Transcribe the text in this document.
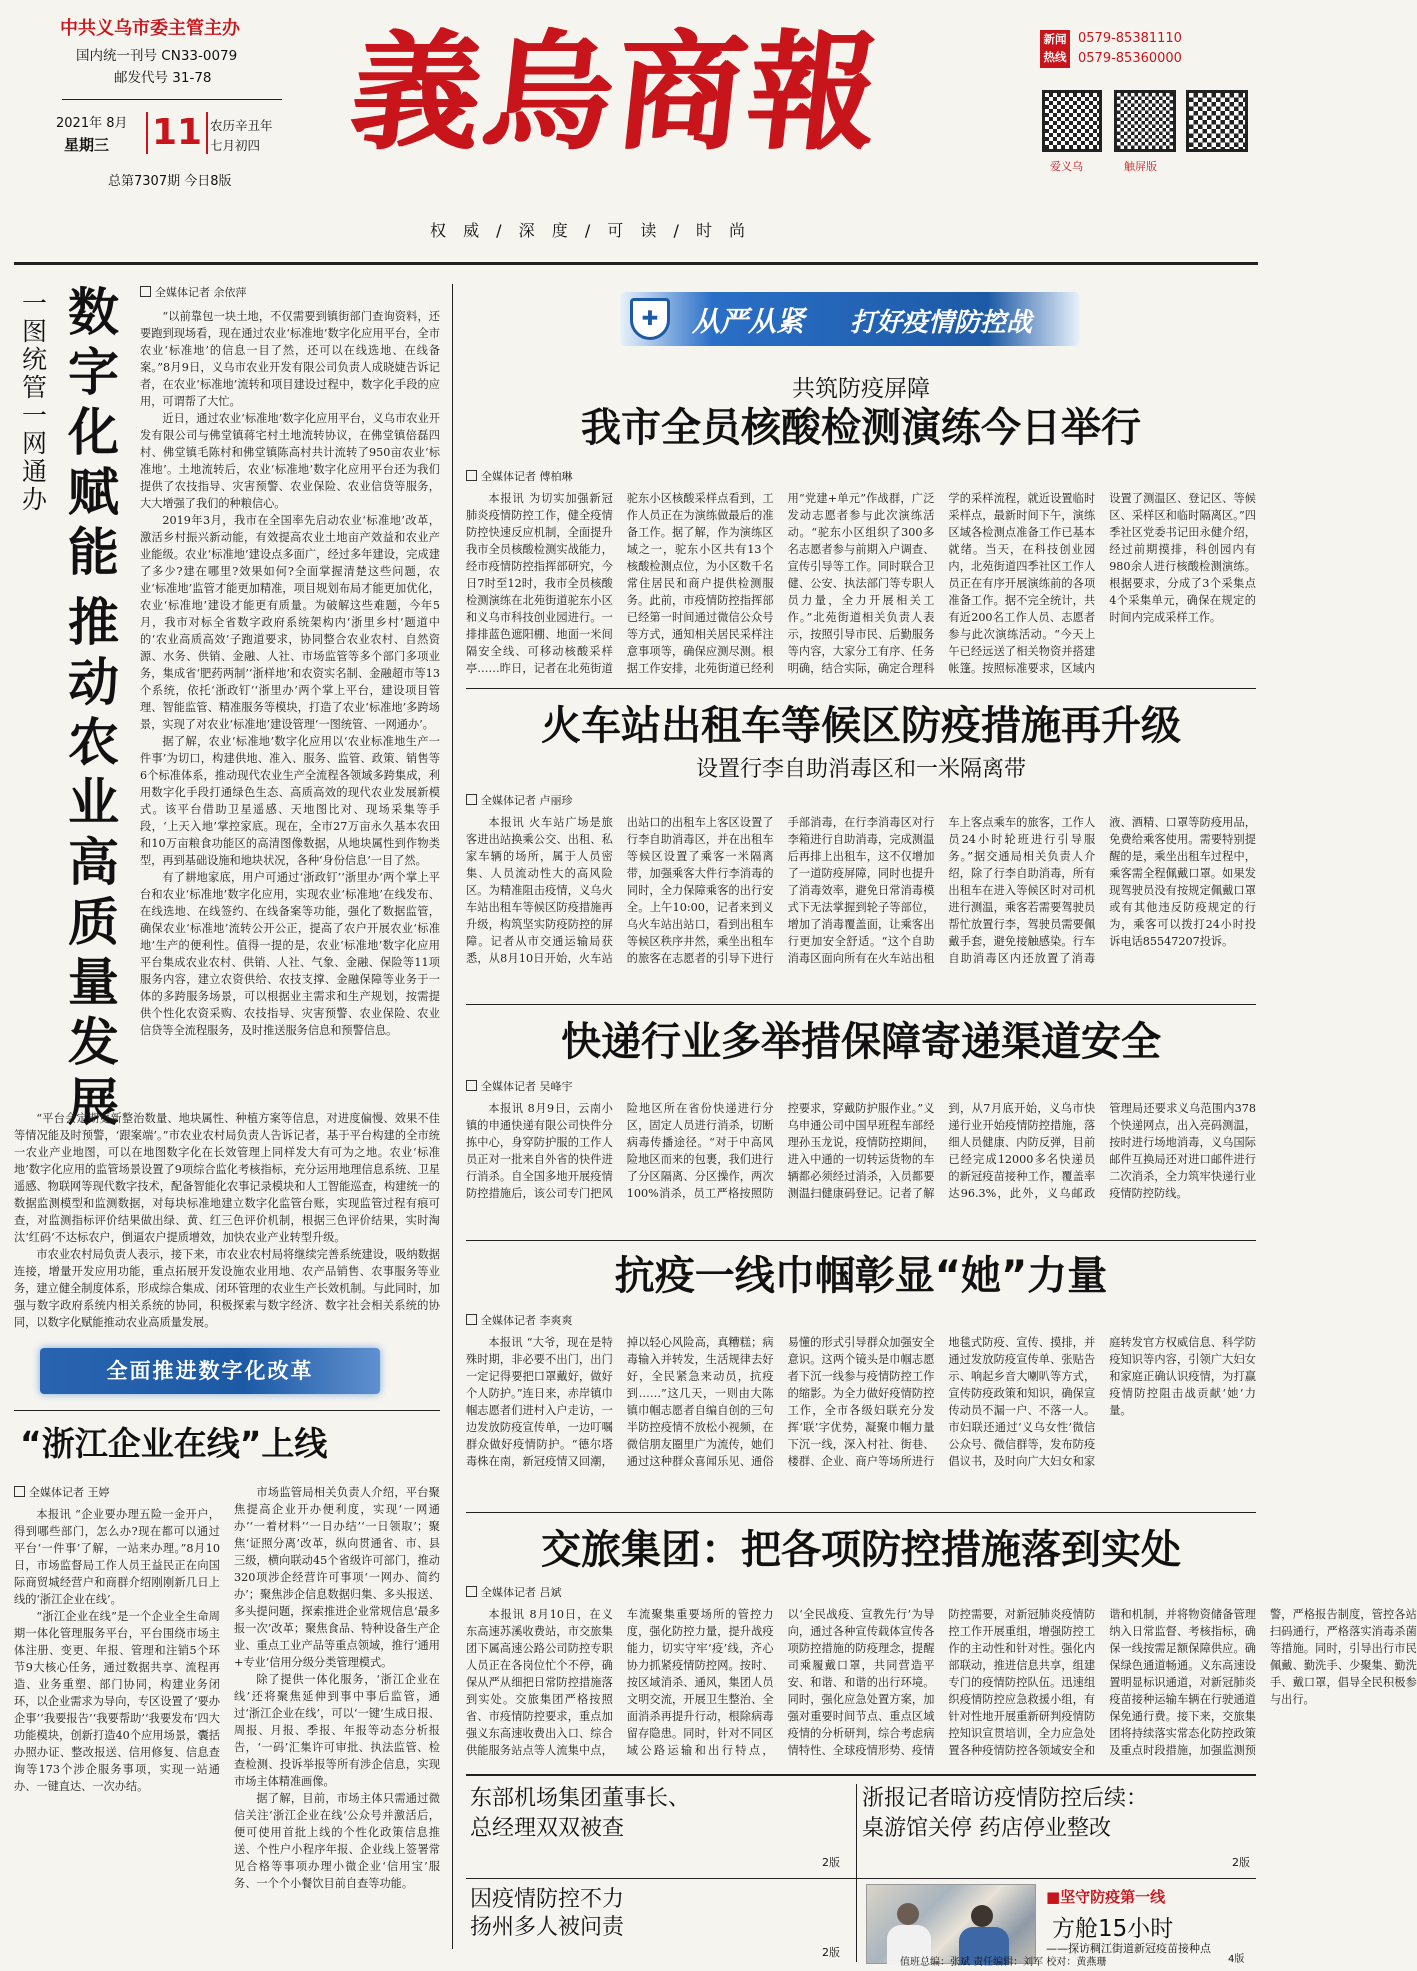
中共义乌市委主管主办
国内统一刊号 CN33-0079
邮发代号 31-78
2021年 8月
星期三 11 农历辛丑年
七月初四
总第7307期 今日8版
義烏商報
权 威 / 深 度 / 可 读 / 时 尚
新闻
热线
0579-85381110
0579-85360000
爱义乌	触屏版
一图统管 一网通办
数字化赋能
推动农业高质量发展
全媒体记者 余依萍
“以前靠包一块土地，不仅需要到镇街部门查询资料，还要跑到现场看，现在通过农业‘标准地’数字化应用平台，全市农业‘标准地’的信息一目了然，还可以在线选地、在线备案。”8月9日，义乌市农业开发有限公司负责人成晓婕告诉记者，在农业‘标准地’流转和项目建设过程中，数字化手段的应用，可谓帮了大忙。
近日，通过农业‘标准地’数字化应用平台，义乌市农业开发有限公司与佛堂镇蒋宅村土地流转协议，在佛堂镇倍磊四村、佛堂镇毛陈村和佛堂镇陈高村共计流转了950亩农业‘标准地’。土地流转后，农业‘标准地’数字化应用平台还为我们提供了农技指导、灾害预警、农业保险、农业信贷等服务，大大增强了我们的种粮信心。
2019年3月，我市在全国率先启动农业‘标准地’改革，激活乡村振兴新动能，有效提高农业土地亩产效益和农业产业能级。农业‘标准地’建设点多面广，经过多年建设，完成建了多少?建在哪里?效果如何?全面掌握清楚这些问题，农业‘标准地’监管才能更加精准，项目规划布局才能更加优化，农业‘标准地’建设才能更有质量。为破解这些难题，今年5月，我市对标全省数字政府系统架构内‘浙里乡村’题道中的‘农业高质高效’子跑道要求，协同整合农业农村、自然资源、水务、供销、金融、人社、市场监管等多个部门多项业务，集成省‘肥药两制’‘浙样地’和农资实名制、金融超市等13个系统，依托‘浙政钉’‘浙里办’两个掌上平台，建设项目管理、智能监管、精准服务等模块，打造了农业‘标准地’多跨场景，实现了对农业‘标准地’建设管理‘一图统管、一网通办’。
据了解，农业‘标准地’数字化应用以‘农业标准地生产一件事’为切口，构建供地、准入、服务、监管、政策、销售等6个标准体系，推动现代农业生产全流程各领域多跨集成，利用数字化手段打通绿色生态、高质高效的现代农业发展新模式。该平台借助卫星遥感、天地图比对、现场采集等手段，‘上天入地’掌控家底。现在，全市27万亩永久基本农田和10万亩粮食功能区的高清图像数据，从地块属性到作物类型，再到基础设施和地块状况，各种‘身份信息’一目了然。
有了耕地家底，用户可通过‘浙政钉’‘浙里办’两个掌上平台和农业‘标准地’数字化应用，实现农业‘标准地’在线发布、在线选地、在线签约、在线备案等功能，强化了数据监管，确保农业‘标准地’流转公开公正，提高了农户开展农业‘标准地’生产的便利性。值得一提的是，农业‘标准地’数字化应用平台集成农业农村、供销、人社、气象、金融、保险等11项服务内容，建立农资供给、农技支撑、金融保障等业务于一体的多跨服务场景，可以根据业主需求和生产规划，按需提供个性化农资采购、农技指导、灾害预警、农业保险、农业信贷等全流程服务，及时推送服务信息和预警信息。
“平台会定期更新整治数量、地块属性、种植方案等信息，对进度偏慢、效果不佳等情况能及时预警，‘跟案端’。”市农业农村局负责人告诉记者，基于平台构建的全市统一农业产业地图，可以在地图数字化在长效管理上同样发大有可为之地。农业‘标准地’数字化应用的监管场景设置了9项综合监化考核指标，充分运用地理信息系统、卫星遥感、物联网等现代数字技术，配备智能化农事记录模块和人工智能巡查，构建统一的数据监测模型和监测数据，对每块标准地建立数字化监管台账，实现监管过程有痕可查，对监测指标评价结果做出绿、黄、红三色评价机制，根据三色评价结果，实时淘汰‘红码’不达标农户，倒逼农户提质增效，加快农业产业转型升级。
市农业农村局负责人表示，接下来，市农业农村局将继续完善系统建设，吸纳数据连接，增量开发应用功能，重点拓展开发设施农业用地、农产品销售、农事服务等业务，建立健全制度体系，形成综合集成、闭环管理的农业生产长效机制。与此同时，加强与数字政府系统内相关系统的协同，积极探索与数字经济、数字社会相关系统的协同，以数字化赋能推动农业高质量发展。
全面推进数字化改革
“浙江企业在线”上线
全媒体记者 王婷
本报讯 “企业要办理五险一金开户，得到哪些部门，怎么办?现在都可以通过平台‘一件事’了解，一站来办理。”8月10日，市场监督局工作人员王益民正在向国际商贸城经营户和商群介绍刚刚新几日上线的‘浙江企业在线’。
“浙江企业在线”是一个企业全生命周期一体化管理服务平台，平台围绕市场主体注册、变更、年报、管理和注销5个环节9大核心任务，通过数据共享、流程再造、业务重塑、部门协同，构建业务闭环，以企业需求为导向，专区设置了‘要办企事’‘我要报告’‘我要帮助’‘我要发布’四大功能模块，创新打造40个应用场景，囊括办照办证、整改报送、信用修复、信息查询等173个涉企服务事项，实现一站通办、一键直达、一次办结。
市场监管局相关负责人介绍，平台聚焦提高企业开办便利度，实现‘一网通办’‘一着材料’‘一日办结’‘一日领取’；聚焦‘证照分离’改革，纵向贯通省、市、县三级，横向联动45个省级许可部门，推动320项涉企经营许可事项‘一网办、简约办’；聚焦涉企信息数据归集、多头报送、多头提问题，探索推进企业常规信息‘最多报一次’改革；聚焦食品、特种设备生产企业、重点工业产品等重点领域，推行‘通用+专业’信用分级分类管理模式。
除了提供一体化服务，‘浙江企业在线’还将聚焦延伸到事中事后监管，通过‘浙江企业在线’，可以‘一键’生成日报、周报、月报、季报、年报等动态分析报告，‘一码’汇集许可审批、执法监管、检查检测、投诉举报等所有涉企信息，实现市场主体精准画像。
据了解，目前，市场主体只需通过微信关注‘浙江企业在线’公众号并激活后，便可使用首批上线的个性化政策信息推送、个性户小程序年报、企业线上签署常见合格等事项办理小微企业‘信用宝’服务、一个个小餐饮目前自查等功能。
✚	从严从紧 打好疫情防控战
共筑防疫屏障
我市全员核酸检测演练今日举行
全媒体记者 傅柏琳
本报讯 为切实加强新冠肺炎疫情防控工作，健全疫情防控快速反应机制，全面提升我市全员核酸检测实战能力，经市疫情防控指挥部研究，今日7时至12时，我市全员核酸检测演练在北苑街道驼东小区和义乌市科技创业园进行。一排排蓝色遮阳棚、地面一米间隔安全线、可移动核酸采样亭……昨日，记者在北苑街道驼东小区核酸采样点看到，工作人员正在为演练做最后的准备工作。据了解，作为演练区域之一，驼东小区共有13个核酸检测点位，为小区数千名常住居民和商户提供检测服务。此前，市疫情防控指挥部已经第一时间通过微信公众号等方式，通知相关居民采样注意事项等，确保应测尽测。根据工作安排，北苑街道已经利用“党建+单元”作战群，广泛发动志愿者参与此次演练活动。“驼东小区组织了300多名志愿者参与前期入户调查、宣传引导等工作。同时联合卫健、公安、执法部门等专职人员力量，全力开展相关工作。”北苑街道相关负责人表示，按照引导市民、后勤服务等内容，大家分工有序、任务明确，结合实际，确定合理科学的采样流程，就近设置临时采样点，最新时间下午，演练区域各检测点准备工作已基本就绪。当天，在科技创业园内，北苑街道四季社区工作人员正在有序开展演练前的各项准备工作。据不完全统计，共有近200名工作人员、志愿者参与此次演练活动。“今天上午已经远送了相关物资并搭建帐篷。按照标准要求，区域内设置了测温区、登记区、等候区、采样区和临时隔离区。”四季社区党委书记田永健介绍，经过前期摸排，科创园内有980余人进行核酸检测演练。根据要求，分成了3个采集点4个采集单元，确保在规定的时间内完成采样工作。
火车站出租车等候区防疫措施再升级
设置行李自助消毒区和一米隔离带
全媒体记者 卢丽珍
本报讯 火车站广场是旅客进出站换乘公交、出租、私家车辆的场所，属于人员密集、人员流动性大的高风险区。为精准阻击疫情，义乌火车站出租车等候区防疫措施再升级，构筑坚实防疫防控的屏障。记者从市交通运输局获悉，从8月10日开始，火车站出站口的出租车上客区设置了行李自助消毒区，并在出租车等候区设置了乘客一米隔离带，加强乘客大件行李消毒的同时，全力保障乘客的出行安全。上午10:00，记者来到义乌火车站出站口，看到出租车等候区秩序井然，乘坐出租车的旅客在志愿者的引导下进行手部消毒，在行李消毒区对行李箱进行自助消毒，完成测温后再排上出租车，这不仅增加了一道防疫屏障，同时也提升了消毒效率，避免日常消毒模式下无法掌握到轮子等部位，增加了消毒覆盖面，让乘客出行更加安全舒适。“这个自助消毒区面向所有在火车站出租车上客点乘车的旅客，工作人员24小时轮班进行引导服务。”据交通局相关负责人介绍，除了行李自助消毒，所有出租车在进入等候区时对司机进行测温，乘客若需要驾驶员帮忙放置行李，驾驶员需要佩戴手套，避免接触感染。行车自助消毒区内还放置了消毒液、酒精、口罩等防疫用品，免费给乘客使用。需要特别提醒的是，乘坐出租车过程中，乘客需全程佩戴口罩。如果发现驾驶员没有按规定佩戴口罩或有其他违反防疫规定的行为，乘客可以拨打24小时投诉电话85547207投诉。
快递行业多举措保障寄递渠道安全
全媒体记者 吴峰宇
本报讯 8月9日，云南小镇的申通快递有限公司快件分拣中心，身穿防护服的工作人员正对一批来自外省的快件进行消杀。自全国多地开展疫情防控措施后，该公司专门把风险地区所在省份快递进行分区，固定人员进行消杀，切断病毒传播途径。“对于中高风险地区而来的包裹，我们进行了分区隔离、分区操作，两次100%消杀，员工严格按照防控要求，穿戴防护服作业。”义乌申通公司中国早班程车部经理孙玉龙说，疫情防控期间，进入中通的一切转运货物的车辆都必须经过消杀，入员都要测温扫健康码登记。记者了解到，从7月底开始，义乌市快递行业开始疫情防控措施，落细人员健康、内防反弹，目前已经完成12000多名快递员的新冠疫苗接种工作，覆盖率达96.3%，此外，义乌邮政管理局还要求义乌范围内378个快递网点，出入亮码测温，按时进行场地消毒，义乌国际邮件互换局还对进口邮件进行二次消杀，全力筑牢快递行业疫情防控防线。
抗疫一线巾帼彰显“她”力量
全媒体记者 李爽爽
本报讯 “大爷，现在是特殊时期，非必要不出门，出门一定记得要把口罩戴好，做好个人防护。”连日来，赤岸镇巾帼志愿者们进村入户走访，一边发放防疫宣传单，一边叮嘱群众做好疫情防护。“德尔塔毒株在南，新冠疫情又回潮，掉以轻心风险高，真糟糕；病毒输入并转发，生活规律去好好，全民紧急来动员，抗疫到……”这几天，一则由大陈镇巾帼志愿者自编自创的三句半防控疫情不放松小视频，在微信朋友圈里广为流传，她们通过这种群众喜闻乐见、通俗易懂的形式引导群众加强安全意识。这两个镜头是巾帼志愿者下沉一线参与疫情防控工作的缩影。为全力做好疫情防控工作，全市各级妇联充分发挥‘联’字优势，凝聚巾帼力量下沉一线，深入村社、街巷、楼群、企业、商户等场所进行地毯式防疫、宣传、摸排，并通过发放防疫宣传单、张贴告示、响起乡音大喇叭等方式，宣传防疫政策和知识，确保宣传动员不漏一户、不落一人。市妇联还通过‘义乌女性’微信公众号、微信群等，发布防疫倡议书，及时向广大妇女和家庭转发官方权威信息、科学防疫知识等内容，引领广大妇女和家庭正确认识疫情，为打赢疫情防控阻击战贡献‘她’力量。
交旅集团：把各项防控措施落到实处
全媒体记者 吕斌
本报讯 8月10日，在义东高速苏溪收费站，市交旅集团下属高速公路公司防控专职人员正在各岗位忙个不停，确保从严从细把日常防控措施落到实处。交旅集团严格按照省、市疫情防控要求，重点加强义东高速收费出入口、综合供能服务站点等人流集中点，车流聚集重要场所的管控力度，强化防控力量，提升战疫能力，切实守牢‘疫’线，齐心协力抓紧疫情防控网。按时、按区域消杀、通风，集团人员文明交流，开展卫生整治、全面消杀再提升行动，根除病毒留存隐患。同时，针对不同区域公路运输和出行特点，以‘全民战疫、宣教先行’为导向，通过各种宣传载体宣传各项防控措施的防疫理念，提醒司乘履戴口罩，共同营造平安、和谐、和谐的出行环境。同时，强化应急处置方案，加强对重要时间节点、重点区域疫情的分析研判，综合考虑病情特性、全球疫情形势、疫情防控需要，对新冠肺炎疫情防控工作开展重组，增强防控工作的主动性和针对性。强化内部联动，推进信息共享，组建专门的疫情防控队伍。迅速组织疫情防控应急救援小组，有针对性地开展重新研判疫情防控知识宣贯培训，全力应急处置各种疫情防控各领域安全和谐和机制，并将物资储备管理纳入日常监督、考核指标，确保一线按需足额保障供应。确保绿色通道畅通。义东高速设置明显标识通道，对新冠肺炎疫苗接种运输车辆在行驶通道保免通行费。接下来，交旅集团将持续落实常态化防控政策及重点时段措施，加强监测预警，严格报告制度，管控各站扫码通行，严格落实消毒杀菌等措施。同时，引导出行市民佩戴、勤洗手、少聚集、勤洗手、戴口罩，倡导全民积极参与出行。
东部机场集团董事长、
总经理双双被查
2版
浙报记者暗访疫情防控后续：
桌游馆关停 药店停业整改
2版
因疫情防控不力
扬州多人被问责
2版
■坚守防疫第一线
方舱15小时
——探访稠江街道新冠疫苗接种点
4版
值班总编：张斌 责任编辑：刘军 校对：黄燕珊
